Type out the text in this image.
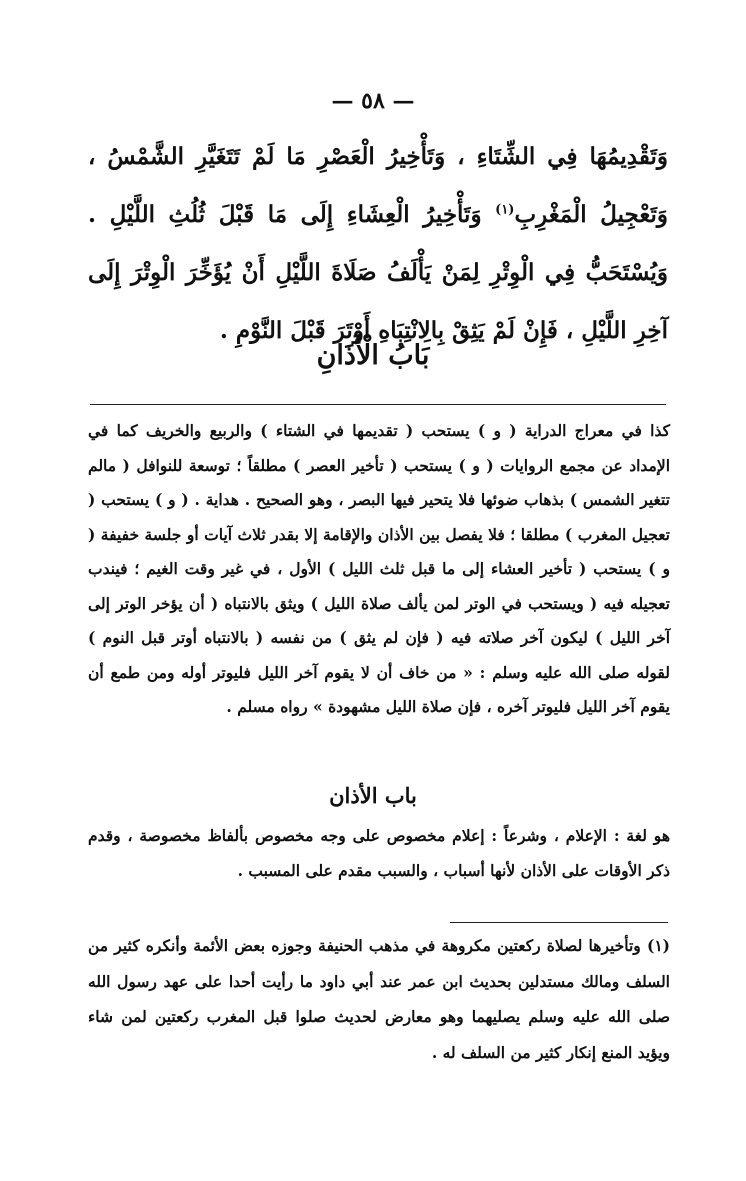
— ٥٨ —

وَتَقْدِيمُهَا فِي الشِّتَاءِ ، وَتَأْخِيرُ الْعَصْرِ مَا لَمْ تَتَغَيَّرِ الشَّمْسُ ، وَتَعْجِيلُ الْمَغْرِبِ$^{(١)}$ وَتَأْخِيرُ الْعِشَاءِ إِلَى مَا قَبْلَ ثُلُثِ اللَّيْلِ . وَيُسْتَحَبُّ فِي الْوِتْرِ لِمَنْ يَأْلَفُ صَلَاةَ اللَّيْلِ أَنْ يُؤَخِّرَ الْوِتْرَ إِلَى آخِرِ اللَّيْلِ ، فَإِنْ لَمْ يَثِقْ بِالِانْتِبَاهِ أَوْتَرَ قَبْلَ النَّوْمِ .

بَابُ الْأَذَانِ

كذا في معراج الدراية ( و ) يستحب ( تقديمها في الشتاء ) والربيع والخريف كما في الإمداد عن مجمع الروايات ( و ) يستحب ( تأخير العصر ) مطلقاً ؛ توسعة للنوافل ( مالم تتغير الشمس ) بذهاب ضوئها فلا يتحير فيها البصر ، وهو الصحيح . هداية . ( و ) يستحب ( تعجيل المغرب ) مطلقا ؛ فلا يفصل بين الأذان والإقامة إلا بقدر ثلاث آيات أو جلسة خفيفة ( و ) يستحب ( تأخير العشاء إلى ما قبل ثلث الليل ) الأول ، في غير وقت الغيم ؛ فيندب تعجيله فيه ( ويستحب في الوتر لمن يألف صلاة الليل ) ويثق بالانتباه ( أن يؤخر الوتر إلى آخر الليل ) ليكون آخر صلاته فيه ( فإن لم يثق ) من نفسه ( بالانتباه أوتر قبل النوم ) لقوله صلى الله عليه وسلم : « من خاف أن لا يقوم آخر الليل فليوتر أوله ومن طمع أن يقوم آخر الليل فليوتر آخره ، فإن صلاة الليل مشهودة » رواه مسلم .

باب الأذان

هو لغة : الإعلام ، وشرعاً : إعلام مخصوص على وجه مخصوص بألفاظ مخصوصة ، وقدم ذكر الأوقات على الأذان لأنها أسباب ، والسبب مقدم على المسبب .

(١) وتأخيرها لصلاة ركعتين مكروهة في مذهب الحنيفة وجوزه بعض الأئمة وأنكره كثير من السلف ومالك مستدلين بحديث ابن عمر عند أبي داود ما رأيت أحدا على عهد رسول الله صلى الله عليه وسلم يصليهما وهو معارض لحديث صلوا قبل المغرب ركعتين لمن شاء ويؤيد المنع إنكار كثير من السلف له .
